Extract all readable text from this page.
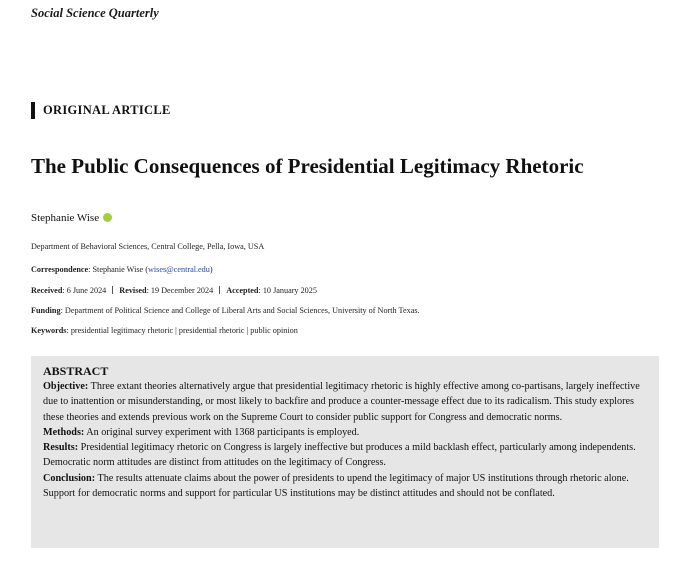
Social Science Quarterly
ORIGINAL ARTICLE
The Public Consequences of Presidential Legitimacy Rhetoric
Stephanie Wise
Department of Behavioral Sciences, Central College, Pella, Iowa, USA
Correspondence: Stephanie Wise (wises@central.edu)
Received: 6 June 2024 Revised: 19 December 2024 Accepted: 10 January 2025
Funding: Department of Political Science and College of Liberal Arts and Social Sciences, University of North Texas.
Keywords: presidential legitimacy rhetoric | presidential rhetoric | public opinion
ABSTRACT

Objective: Three extant theories alternatively argue that presidential legitimacy rhetoric is highly effective among co-partisans, largely ineffective due to inattention or misunderstanding, or most likely to backfire and produce a counter-message effect due to its radicalism. This study explores these theories and extends previous work on the Supreme Court to consider public support for Congress and democratic norms.

Methods: An original survey experiment with 1368 participants is employed.

Results: Presidential legitimacy rhetoric on Congress is largely ineffective but produces a mild backlash effect, particularly among independents. Democratic norm attitudes are distinct from attitudes on the legitimacy of Congress.

Conclusion: The results attenuate claims about the power of presidents to upend the legitimacy of major US institutions through rhetoric alone. Support for democratic norms and support for particular US institutions may be distinct attitudes and should not be conflated.
